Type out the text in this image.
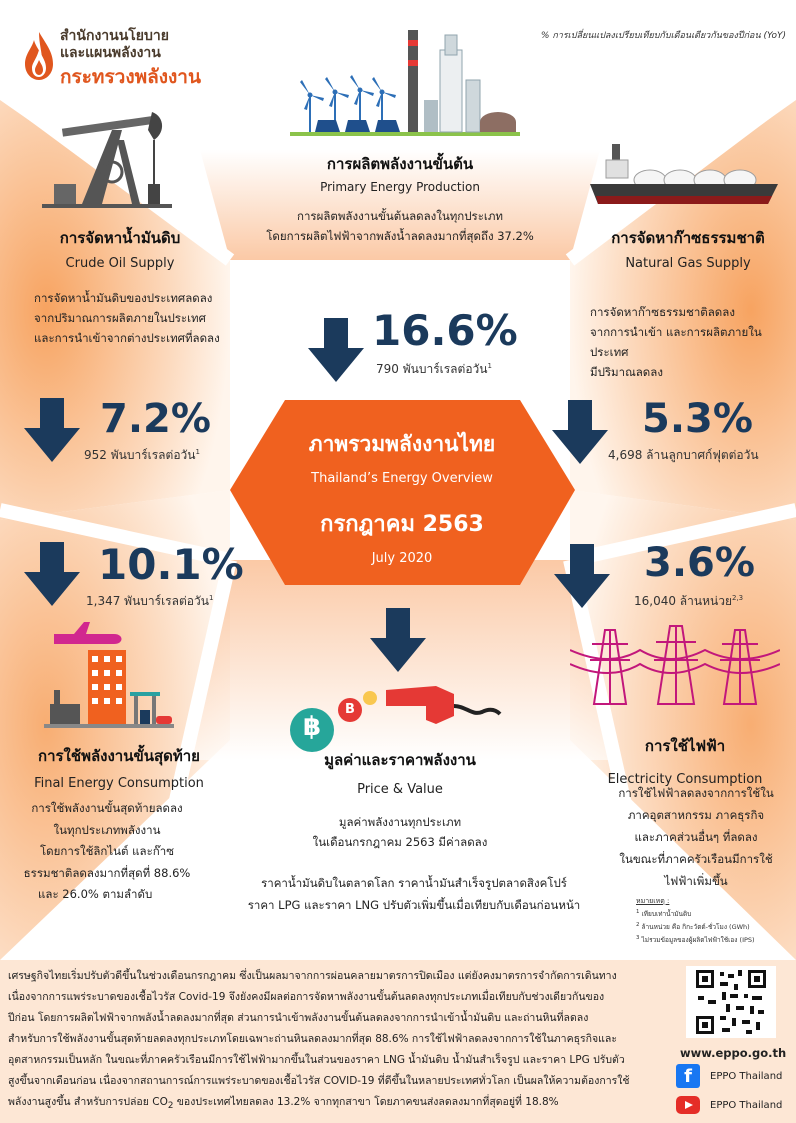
สำนักงานนโยบาย
และแผนพลังงาน
กระทรวงพลังงาน
% การเปลี่ยนแปลงเปรียบเทียบกับเดือนเดียวกันของปีก่อน (YoY)
การผลิตพลังงานขั้นต้น
Primary Energy Production
การผลิตพลังงานขั้นต้นลดลงในทุกประเภท
โดยการผลิตไฟฟ้าจากพลังน้ำลดลงมากที่สุดถึง 37.2%
16.6%
790 พันบาร์เรลต่อวัน$^1$
การจัดหาน้ำมันดิบ
Crude Oil Supply
การจัดหาน้ำมันดิบของประเทศลดลง
จากปริมาณการผลิตภายในประเทศ
และการนำเข้าจากต่างประเทศที่ลดลง
7.2%
952 พันบาร์เรลต่อวัน$^1$
การจัดหาก๊าซธรรมชาติ
Natural Gas Supply
การจัดหาก๊าซธรรมชาติลดลง
จากการนำเข้า และการผลิตภายในประเทศ
มีปริมาณลดลง
5.3%
4,698 ล้านลูกบาศก์ฟุตต่อวัน
ภาพรวมพลังงานไทย
Thailand’s Energy Overview
กรกฎาคม 2563
July 2020
10.1%
1,347 พันบาร์เรลต่อวัน$^1$
การใช้พลังงานขั้นสุดท้าย
Final Energy Consumption
การใช้พลังงานขั้นสุดท้ายลดลง
ในทุกประเภทพลังงาน
โดยการใช้ลิกไนต์ และก๊าซ
ธรรมชาติลดลงมากที่สุดที่ 88.6%
และ 26.0% ตามลำดับ
3.6%
16,040 ล้านหน่วย$^{2,3}$
การใช้ไฟฟ้า
Electricity Consumption
การใช้ไฟฟ้าลดลงจากการใช้ใน
ภาคอุตสาหกรรม ภาคธุรกิจ
และภาคส่วนอื่นๆ ที่ลดลง
ในขณะที่ภาคครัวเรือนมีการใช้
ไฟฟ้าเพิ่มขึ้น
หมายเหตุ :
$^1$ เทียบเท่าน้ำมันดิบ
$^2$ ล้านหน่วย คือ กิกะวัตต์-ชั่วโมง (GWh)
$^3$ ไม่รวมข้อมูลของผู้ผลิตไฟฟ้าใช้เอง (IPS)
฿
B
มูลค่าและราคาพลังงาน
Price & Value
มูลค่าพลังงานทุกประเภท
ในเดือนกรกฎาคม 2563 มีค่าลดลง
ราคาน้ำมันดิบในตลาดโลก ราคาน้ำมันสำเร็จรูปตลาดสิงคโปร์
ราคา LPG และราคา LNG ปรับตัวเพิ่มขึ้นเมื่อเทียบกับเดือนก่อนหน้า
เศรษฐกิจไทยเริ่มปรับตัวดีขึ้นในช่วงเดือนกรกฎาคม ซึ่งเป็นผลมาจากการผ่อนคลายมาตรการปิดเมือง แต่ยังคงมาตรการจำกัดการเดินทาง
เนื่องจากการแพร่ระบาดของเชื้อไวรัส Covid-19 จึงยังคงมีผลต่อการจัดหาพลังงานขั้นต้นลดลงทุกประเภทเมื่อเทียบกับช่วงเดียวกันของ
ปีก่อน โดยการผลิตไฟฟ้าจากพลังน้ำลดลงมากที่สุด ส่วนการนำเข้าพลังงานขั้นต้นลดลงจากการนำเข้าน้ำมันดิบ และถ่านหินที่ลดลง
สำหรับการใช้พลังงานขั้นสุดท้ายลดลงทุกประเภทโดยเฉพาะถ่านหินลดลงมากที่สุด 88.6% การใช้ไฟฟ้าลดลงจากการใช้ในภาคธุรกิจและ
อุตสาหกรรมเป็นหลัก ในขณะที่ภาคครัวเรือนมีการใช้ไฟฟ้ามากขึ้นในส่วนของราคา LNG น้ำมันดิบ น้ำมันสำเร็จรูป และราคา LPG ปรับตัว
สูงขึ้นจากเดือนก่อน เนื่องจากสถานการณ์การแพร่ระบาดของเชื้อไวรัส COVID-19 ที่ดีขึ้นในหลายประเทศทั่วโลก เป็นผลให้ความต้องการใช้
พลังงานสูงขึ้น สำหรับการปล่อย $CO_2$ ของประเทศไทยลดลง 13.2% จากทุกสาขา โดยภาคขนส่งลดลงมากที่สุดอยู่ที่ 18.8%
www.eppo.go.th
f	EPPO Thailand
EPPO Thailand
